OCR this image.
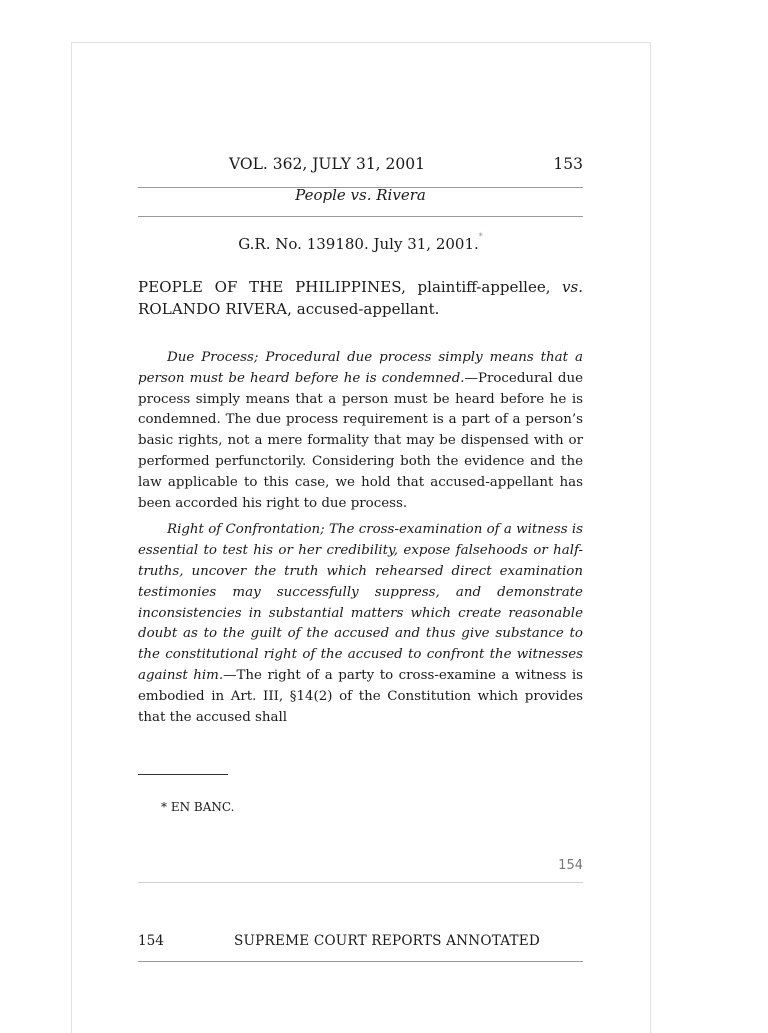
VOL. 362, JULY 31, 2001	153
People vs. Rivera
G.R. No. 139180. July 31, 2001.*
PEOPLE OF THE PHILIPPINES, plaintiff-appellee, vs. ROLANDO RIVERA, accused-appellant.

Due Process; Procedural due process simply means that a person must be heard before he is condemned.—Procedural due process simply means that a person must be heard before he is condemned. The due process requirement is a part of a person’s basic rights, not a mere formality that may be dispensed with or performed perfunctorily. Considering both the evidence and the law applicable to this case, we hold that accused-appellant has been accorded his right to due process.

Right of Confrontation; The cross-examination of a witness is essential to test his or her credibility, expose falsehoods or half-truths, uncover the truth which rehearsed direct examination testimonies may successfully suppress, and demonstrate inconsistencies in substantial matters which create reasonable doubt as to the guilt of the accused and thus give substance to the constitutional right of the accused to confront the witnesses against him.—The right of a party to cross-examine a witness is embodied in Art. III, §14(2) of the Constitution which provides that the accused shall

* EN BANC.
154
154	SUPREME COURT REPORTS ANNOTATED
